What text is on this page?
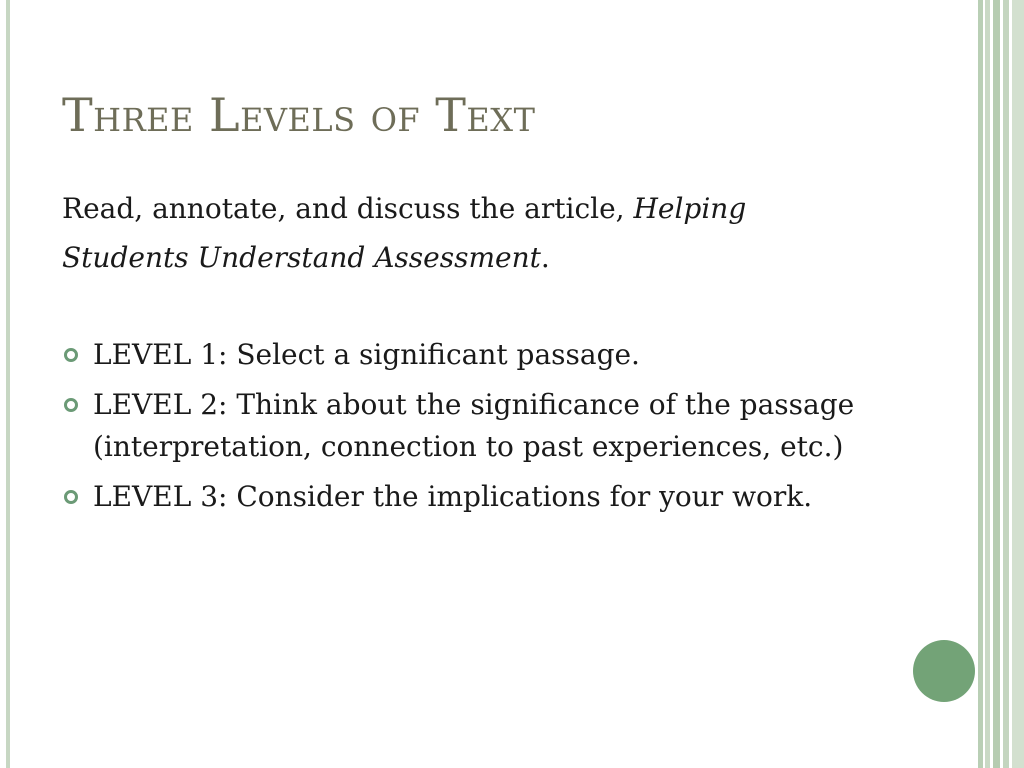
Three Levels of Text

Read, annotate, and discuss the article, Helping Students Understand Assessment.

LEVEL 1: Select a significant passage.
LEVEL 2: Think about the significance of the passage (interpretation, connection to past experiences, etc.)
LEVEL 3: Consider the implications for your work.
